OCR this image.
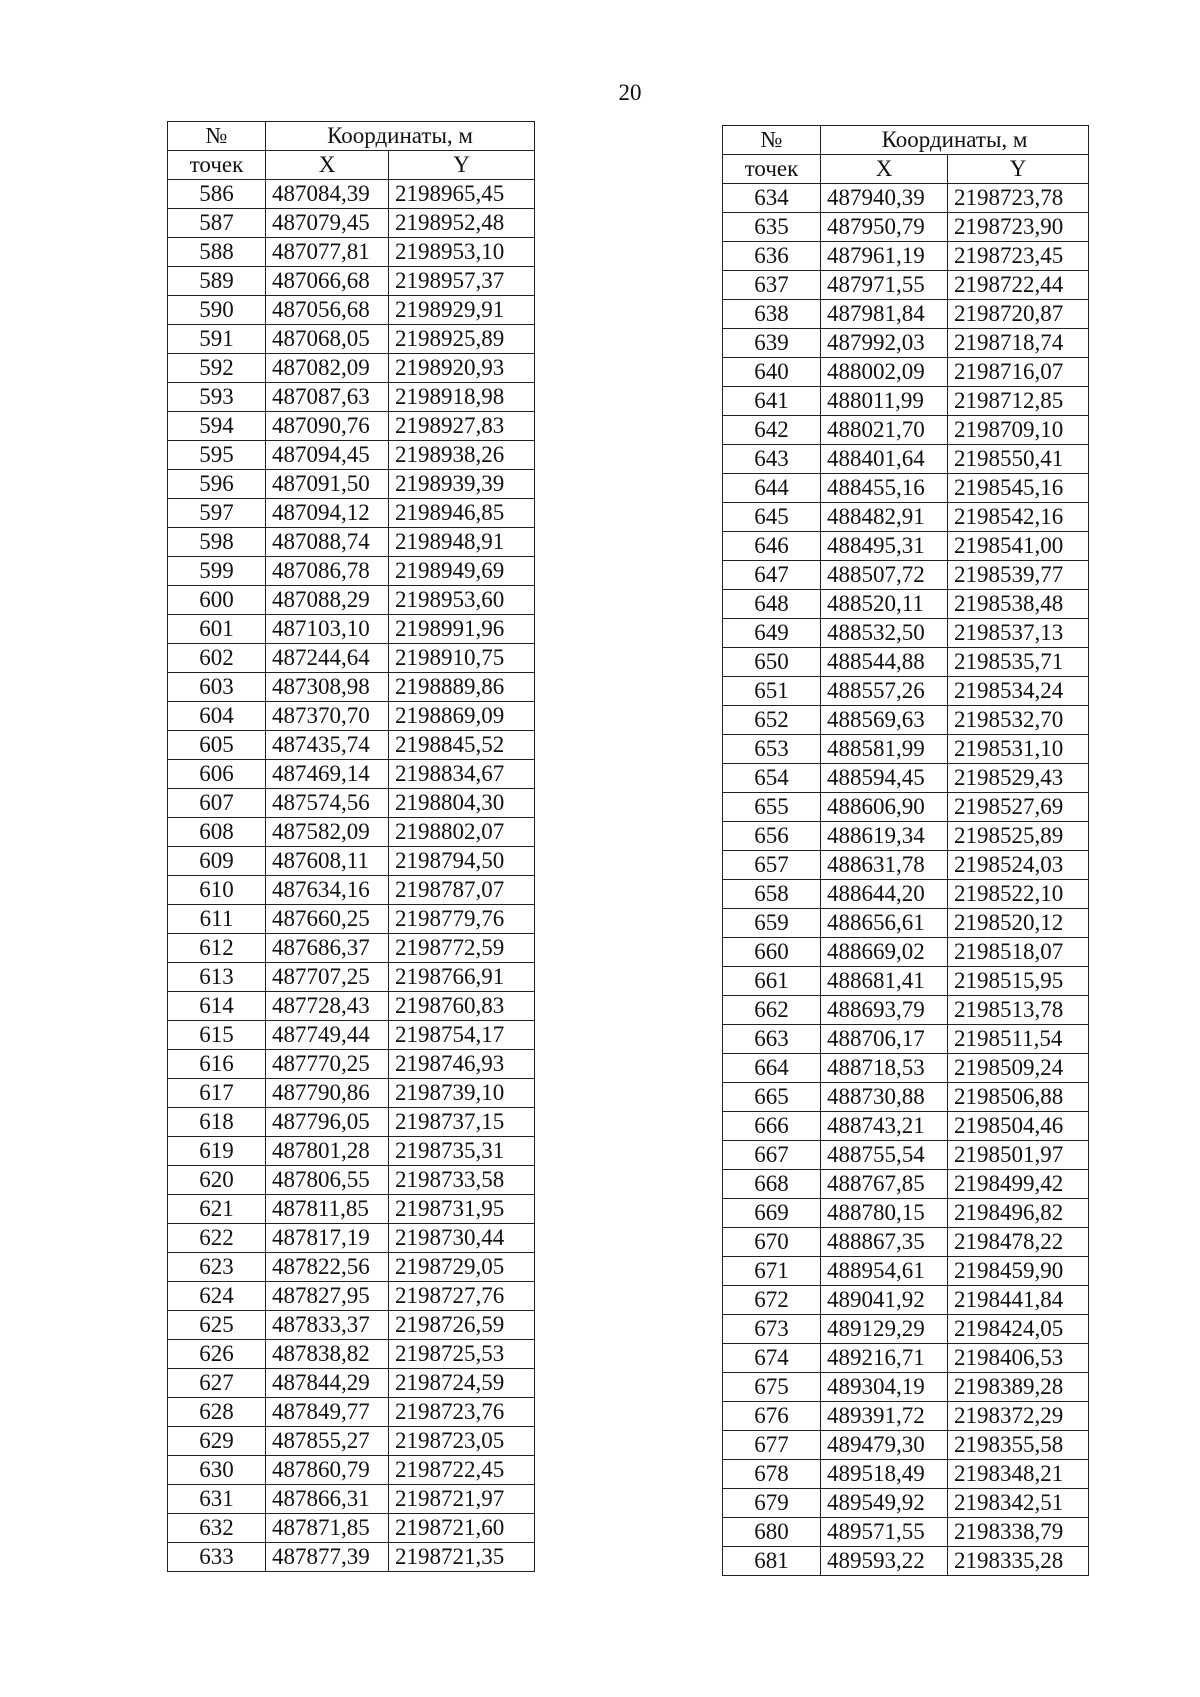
20
№	Координаты, м	
точек	X	Y
586	487084,39	2198965,45
587	487079,45	2198952,48
588	487077,81	2198953,10
589	487066,68	2198957,37
590	487056,68	2198929,91
591	487068,05	2198925,89
592	487082,09	2198920,93
593	487087,63	2198918,98
594	487090,76	2198927,83
595	487094,45	2198938,26
596	487091,50	2198939,39
597	487094,12	2198946,85
598	487088,74	2198948,91
599	487086,78	2198949,69
600	487088,29	2198953,60
601	487103,10	2198991,96
602	487244,64	2198910,75
603	487308,98	2198889,86
604	487370,70	2198869,09
605	487435,74	2198845,52
606	487469,14	2198834,67
607	487574,56	2198804,30
608	487582,09	2198802,07
609	487608,11	2198794,50
610	487634,16	2198787,07
611	487660,25	2198779,76
612	487686,37	2198772,59
613	487707,25	2198766,91
614	487728,43	2198760,83
615	487749,44	2198754,17
616	487770,25	2198746,93
617	487790,86	2198739,10
618	487796,05	2198737,15
619	487801,28	2198735,31
620	487806,55	2198733,58
621	487811,85	2198731,95
622	487817,19	2198730,44
623	487822,56	2198729,05
624	487827,95	2198727,76
625	487833,37	2198726,59
626	487838,82	2198725,53
627	487844,29	2198724,59
628	487849,77	2198723,76
629	487855,27	2198723,05
630	487860,79	2198722,45
631	487866,31	2198721,97
632	487871,85	2198721,60
633	487877,39	2198721,35
№	Координаты, м	
точек	X	Y
634	487940,39	2198723,78
635	487950,79	2198723,90
636	487961,19	2198723,45
637	487971,55	2198722,44
638	487981,84	2198720,87
639	487992,03	2198718,74
640	488002,09	2198716,07
641	488011,99	2198712,85
642	488021,70	2198709,10
643	488401,64	2198550,41
644	488455,16	2198545,16
645	488482,91	2198542,16
646	488495,31	2198541,00
647	488507,72	2198539,77
648	488520,11	2198538,48
649	488532,50	2198537,13
650	488544,88	2198535,71
651	488557,26	2198534,24
652	488569,63	2198532,70
653	488581,99	2198531,10
654	488594,45	2198529,43
655	488606,90	2198527,69
656	488619,34	2198525,89
657	488631,78	2198524,03
658	488644,20	2198522,10
659	488656,61	2198520,12
660	488669,02	2198518,07
661	488681,41	2198515,95
662	488693,79	2198513,78
663	488706,17	2198511,54
664	488718,53	2198509,24
665	488730,88	2198506,88
666	488743,21	2198504,46
667	488755,54	2198501,97
668	488767,85	2198499,42
669	488780,15	2198496,82
670	488867,35	2198478,22
671	488954,61	2198459,90
672	489041,92	2198441,84
673	489129,29	2198424,05
674	489216,71	2198406,53
675	489304,19	2198389,28
676	489391,72	2198372,29
677	489479,30	2198355,58
678	489518,49	2198348,21
679	489549,92	2198342,51
680	489571,55	2198338,79
681	489593,22	2198335,28
